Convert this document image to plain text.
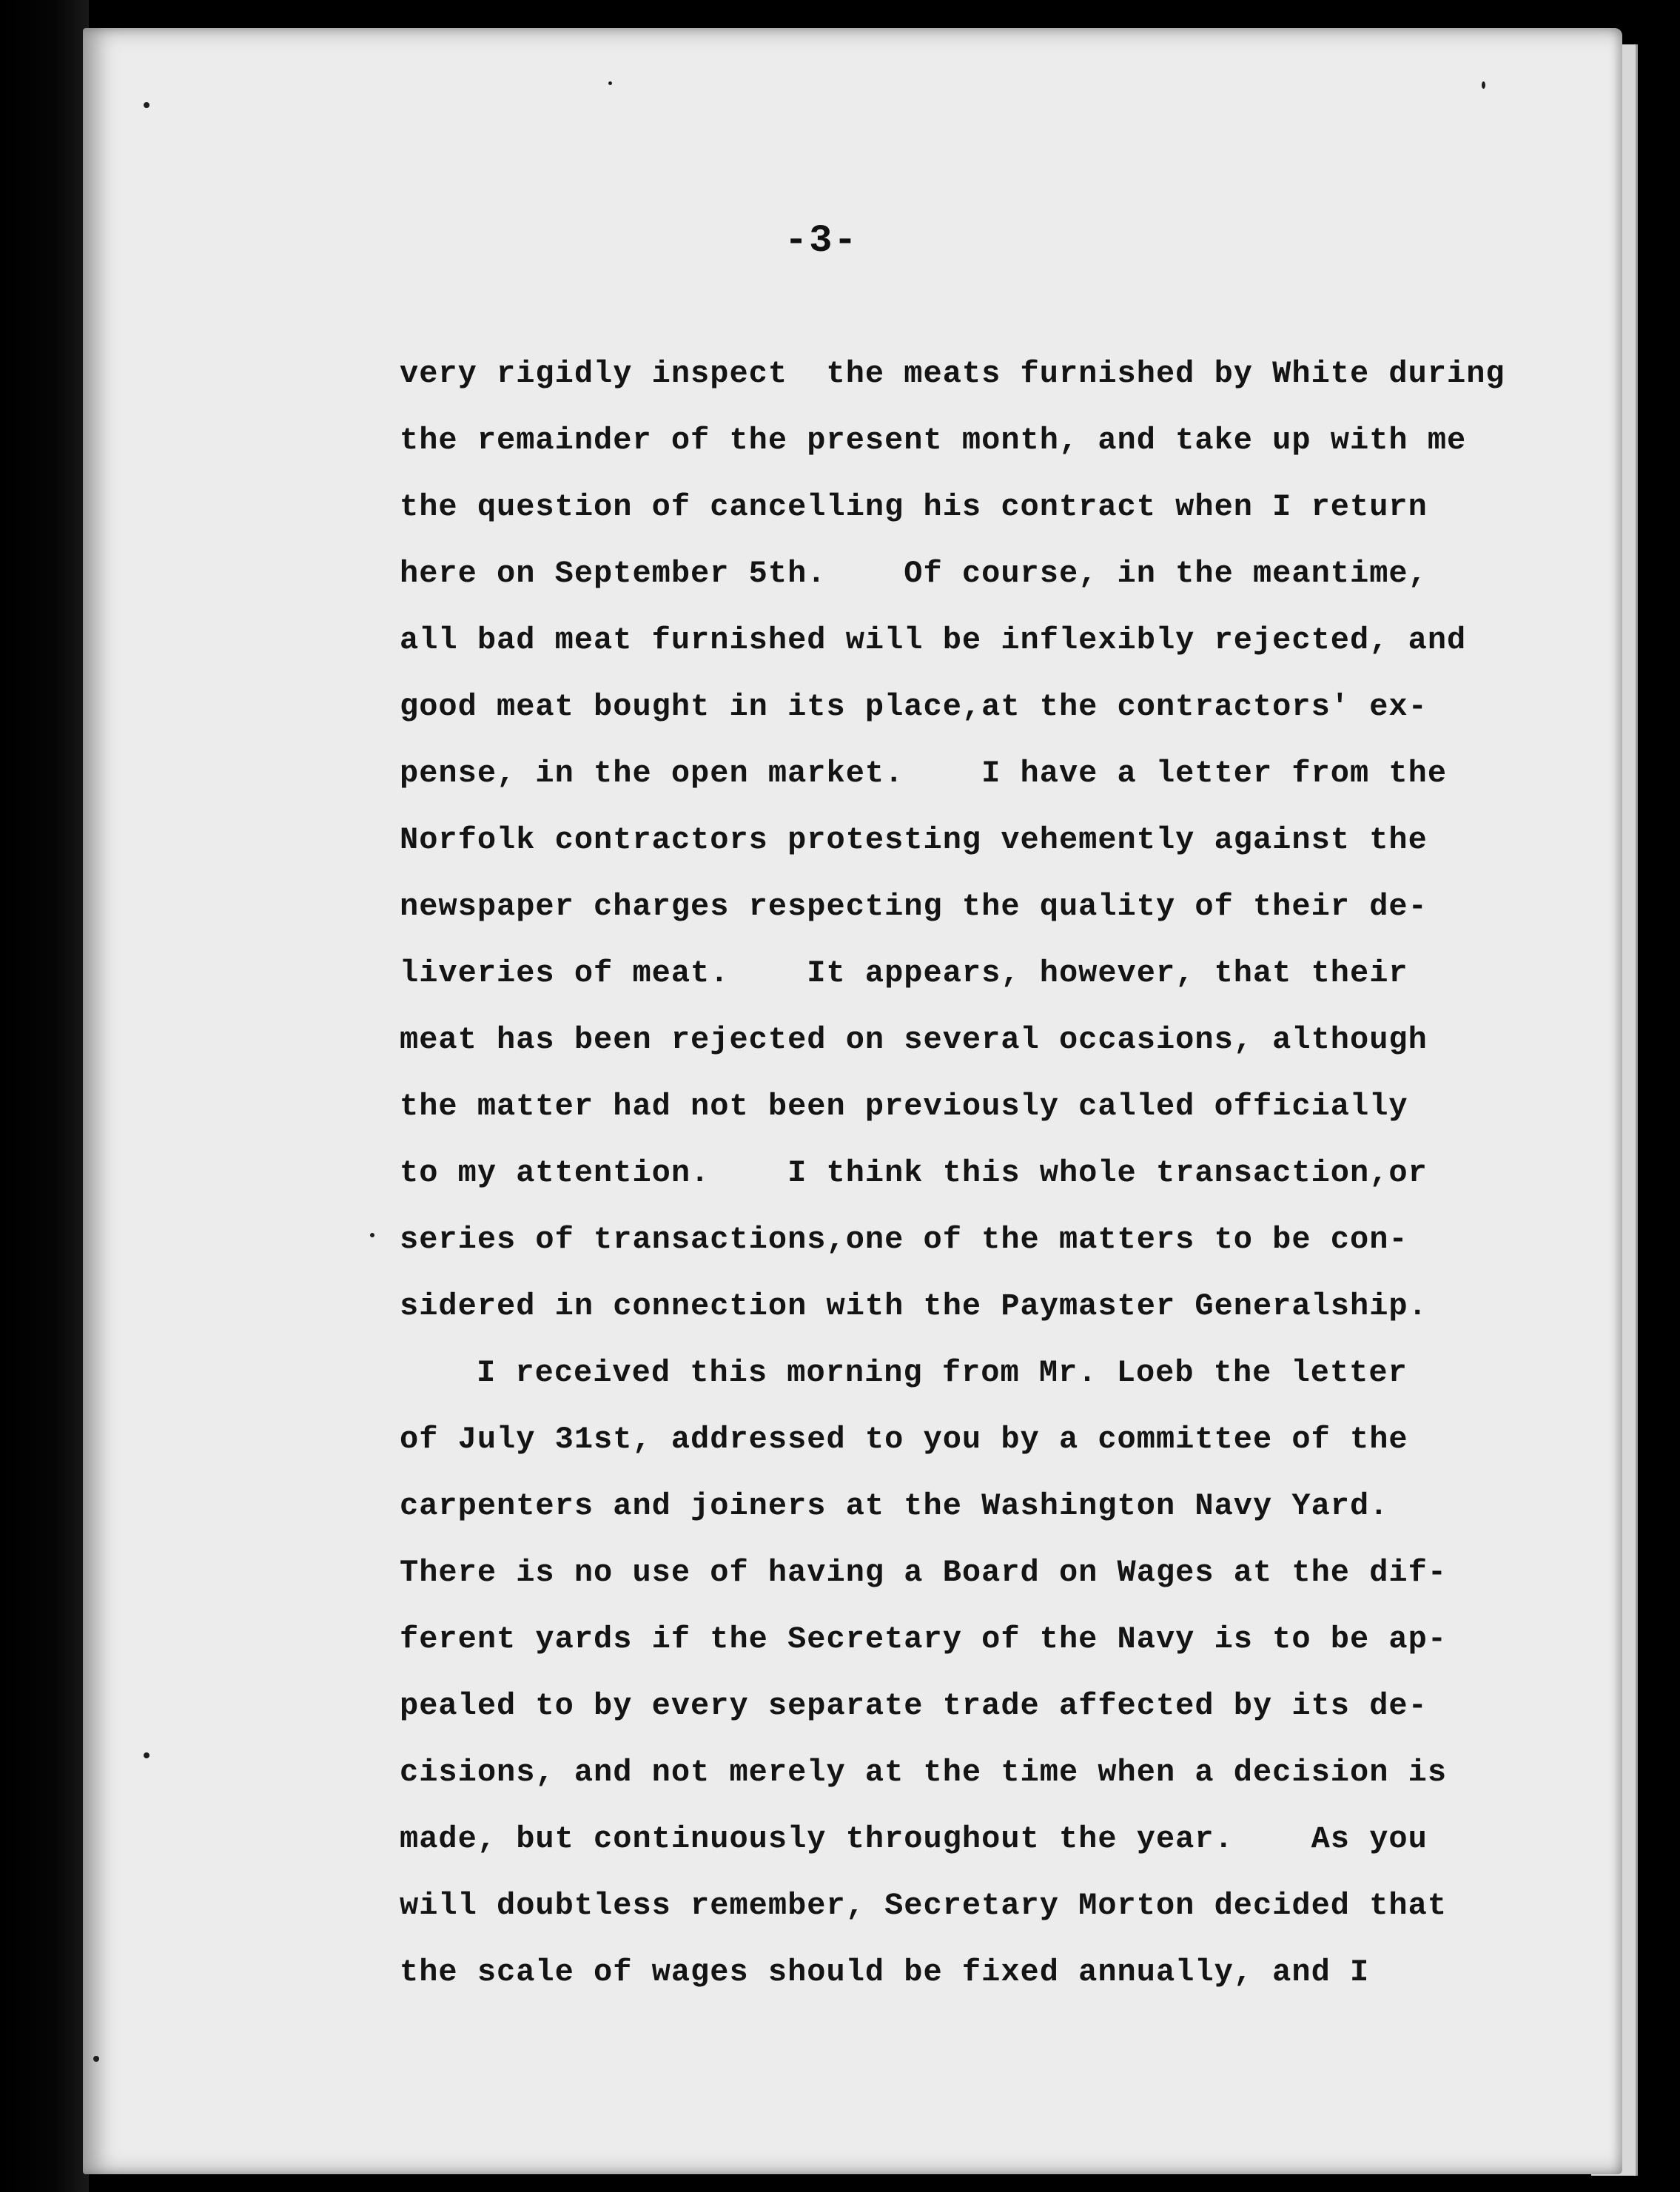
-3-
very rigidly inspect  the meats furnished by White during
the remainder of the present month, and take up with me
the question of cancelling his contract when I return
here on September 5th.    Of course, in the meantime,
all bad meat furnished will be inflexibly rejected, and
good meat bought in its place,at the contractors' ex-
pense, in the open market.    I have a letter from the
Norfolk contractors protesting vehemently against the
newspaper charges respecting the quality of their de-
liveries of meat.    It appears, however, that their
meat has been rejected on several occasions, although
the matter had not been previously called officially
to my attention.    I think this whole transaction,or
series of transactions,one of the matters to be con-
sidered in connection with the Paymaster Generalship.
I received this morning from Mr. Loeb the letter
of July 31st, addressed to you by a committee of the
carpenters and joiners at the Washington Navy Yard.
There is no use of having a Board on Wages at the dif-
ferent yards if the Secretary of the Navy is to be ap-
pealed to by every separate trade affected by its de-
cisions, and not merely at the time when a decision is
made, but continuously throughout the year.    As you
will doubtless remember, Secretary Morton decided that
the scale of wages should be fixed annually, and I
